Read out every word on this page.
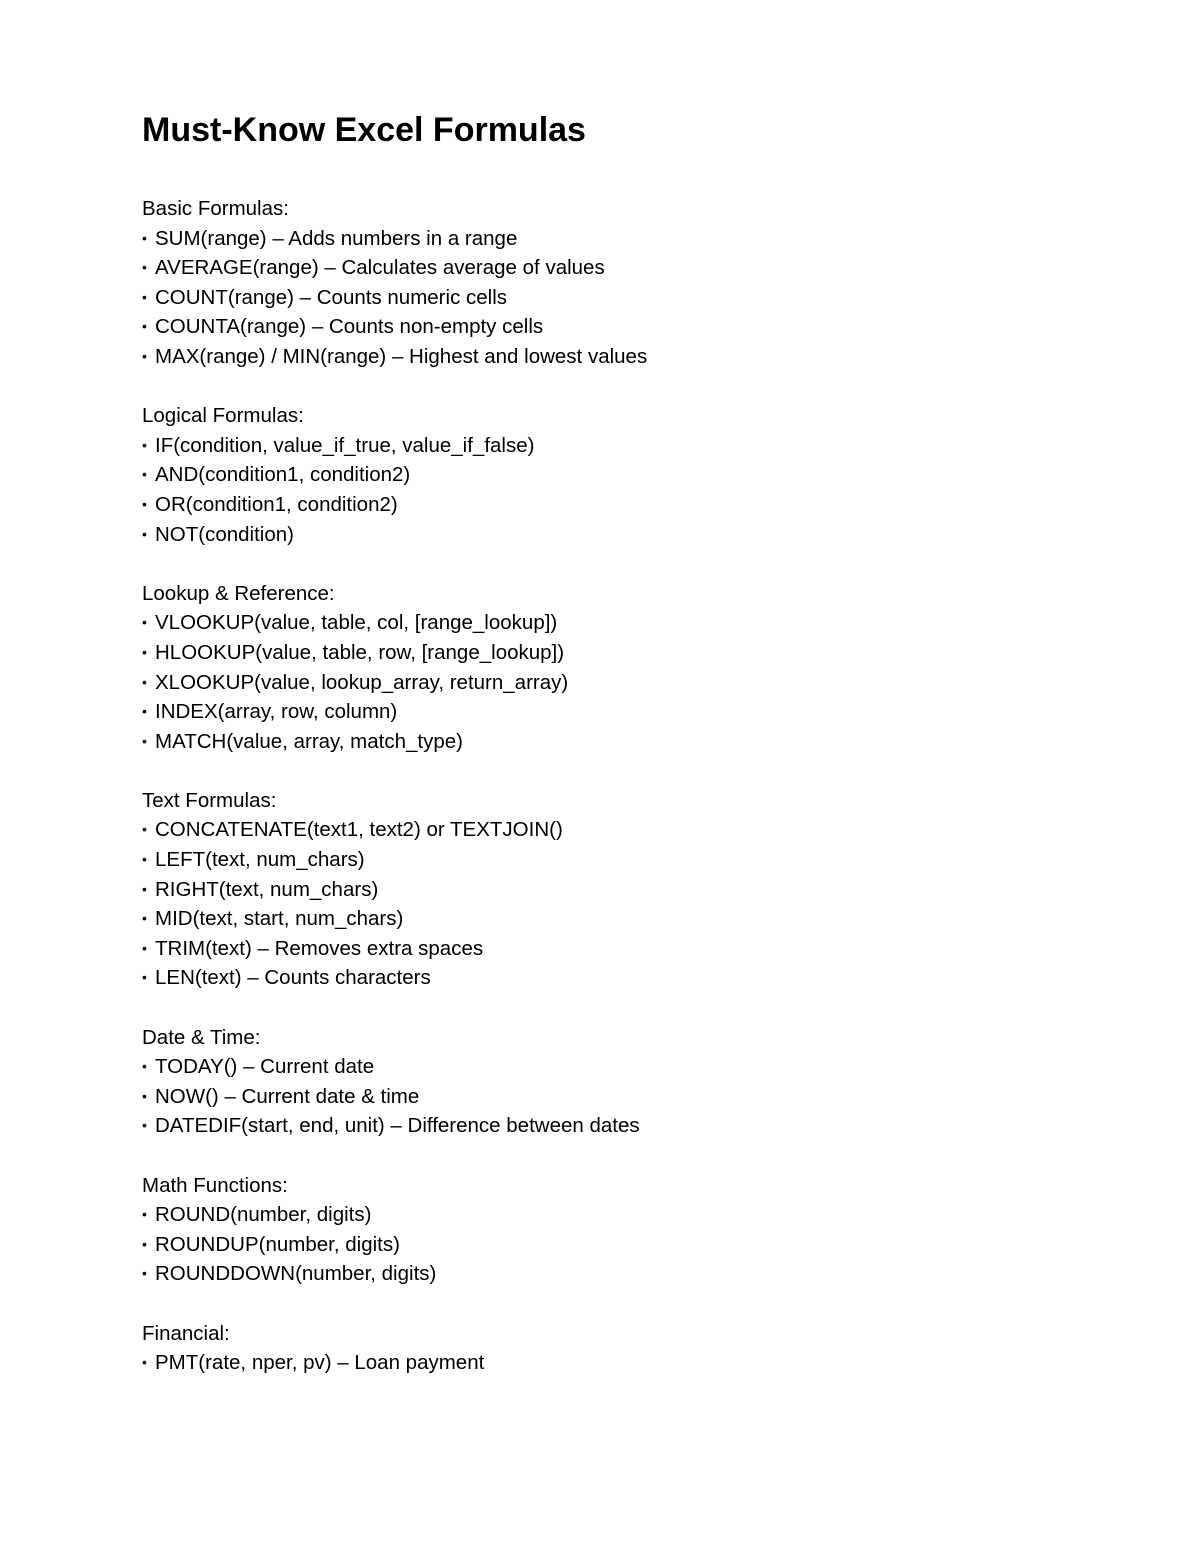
Must-Know Excel Formulas
Basic Formulas:
• SUM(range) – Adds numbers in a range
• AVERAGE(range) – Calculates average of values
• COUNT(range) – Counts numeric cells
• COUNTA(range) – Counts non-empty cells
• MAX(range) / MIN(range) – Highest and lowest values
Logical Formulas:
• IF(condition, value_if_true, value_if_false)
• AND(condition1, condition2)
• OR(condition1, condition2)
• NOT(condition)
Lookup & Reference:
• VLOOKUP(value, table, col, [range_lookup])
• HLOOKUP(value, table, row, [range_lookup])
• XLOOKUP(value, lookup_array, return_array)
• INDEX(array, row, column)
• MATCH(value, array, match_type)
Text Formulas:
• CONCATENATE(text1, text2) or TEXTJOIN()
• LEFT(text, num_chars)
• RIGHT(text, num_chars)
• MID(text, start, num_chars)
• TRIM(text) – Removes extra spaces
• LEN(text) – Counts characters
Date & Time:
• TODAY() – Current date
• NOW() – Current date & time
• DATEDIF(start, end, unit) – Difference between dates
Math Functions:
• ROUND(number, digits)
• ROUNDUP(number, digits)
• ROUNDDOWN(number, digits)
Financial:
• PMT(rate, nper, pv) – Loan payment
